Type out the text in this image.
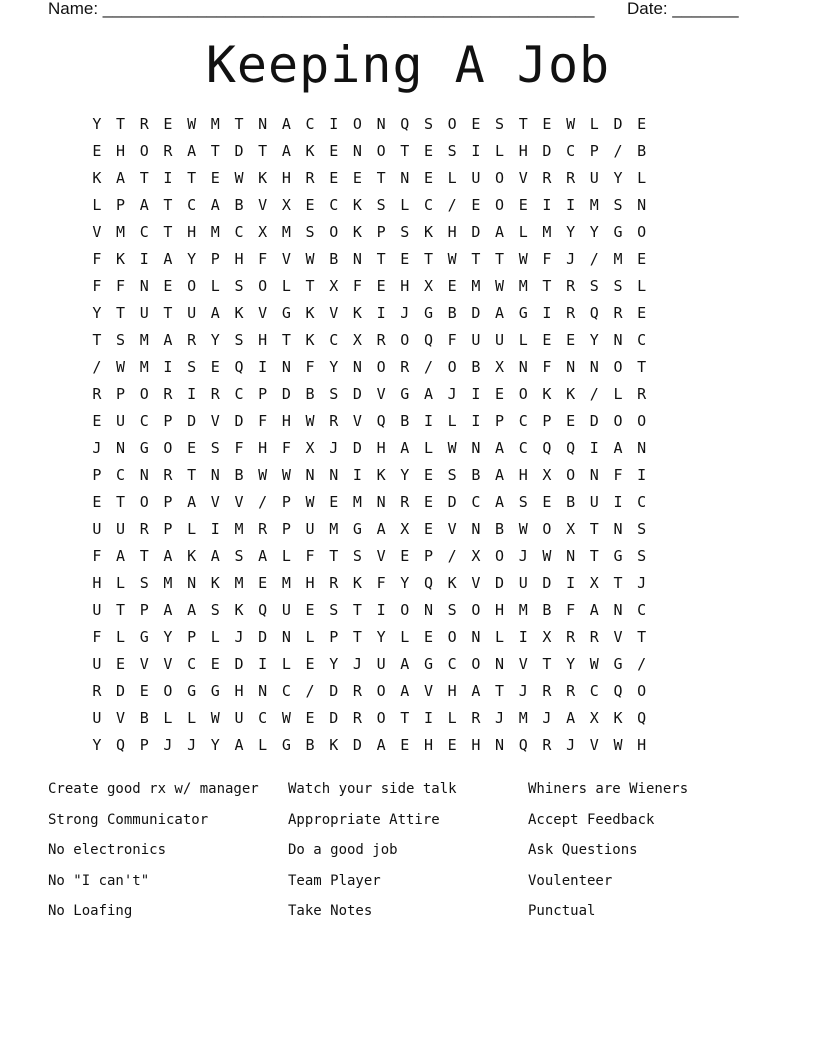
Name: ____________________________________________________ Date: _______
Keeping A Job
Y T R E W M T N A C I O N Q S O E S T E W L D E
E H O R A T D T A K E N O T E S I L H D C P / B
K A T I T E W K H R E E T N E L U O V R R U Y L
L P A T C A B V X E C K S L C / E O E I I M S N
V M C T H M C X M S O K P S K H D A L M Y Y G O
F K I A Y P H F V W B N T E T W T T W F J / M E
F F N E O L S O L T X F E H X E M W M T R S S L
Y T U T U A K V G K V K I J G B D A G I R Q R E
T S M A R Y S H T K C X R O Q F U U L E E Y N C
/ W M I S E Q I N F Y N O R / O B X N F N N O T
R P O R I R C P D B S D V G A J I E O K K / L R
E U C P D V D F H W R V Q B I L I P C P E D O O
J N G O E S F H F X J D H A L W N A C Q Q I A N
P C N R T N B W W N N I K Y E S B A H X O N F I
E T O P A V V / P W E M N R E D C A S E B U I C
U U R P L I M R P U M G A X E V N B W O X T N S
F A T A K A S A L F T S V E P / X O J W N T G S
H L S M N K M E M H R K F Y Q K V D U D I X T J
U T P A A S K Q U E S T I O N S O H M B F A N C
F L G Y P L J D N L P T Y L E O N L I X R R V T
U E V V C E D I L E Y J U A G C O N V T Y W G /
R D E O G G H N C / D R O A V H A T J R R C Q O
U V B L L W U C W E D R O T I L R J M J A X K Q
Y Q P J J Y A L G B K D A E H E H N Q R J V W H
Create good rx w/ manager	Watch your side talk	Whiners are Wieners
Strong Communicator	Appropriate Attire	Accept Feedback
No electronics	Do a good job	Ask Questions
No "I can't"	Team Player	Voulenteer
No Loafing	Take Notes	Punctual
